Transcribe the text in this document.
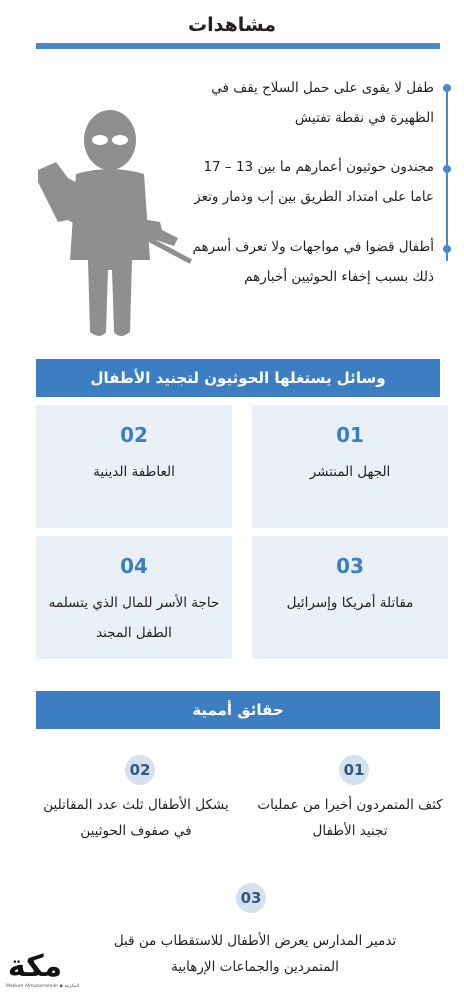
مشاهدات
طفل لا يقوى على حمل السلاح يقف في الظهيرة في نقطة تفتيش
مجندون حوثيون أعمارهم ما بين 13 – 17 عاما على امتداد الطريق بين إب وذمار وتعز
أطفال قضوا في مواجهات ولا تعرف أسرهم ذلك بسبب إخفاء الحوثيين أخبارهم
وسائل يستغلها الحوثيون لتجنيد الأطفال
01
الجهل المنتشر
02
العاطفة الدينية
03
مقاتلة أمريكا وإسرائيل
04
حاجة الأسر للمال الذي يتسلمه الطفل المجند
حقائق أممية
01
كثف المتمردون أخيرا من عمليات تجنيد الأطفال
02
يشكل الأطفال ثلث عدد المقاتلين في صفوف الحوثيين
03
تدمير المدارس يعرض الأطفال للاستقطاب من قبل المتمردين والجماعات الإرهابية
مكة
Makkah Almukarramah ◆ المكرمة
